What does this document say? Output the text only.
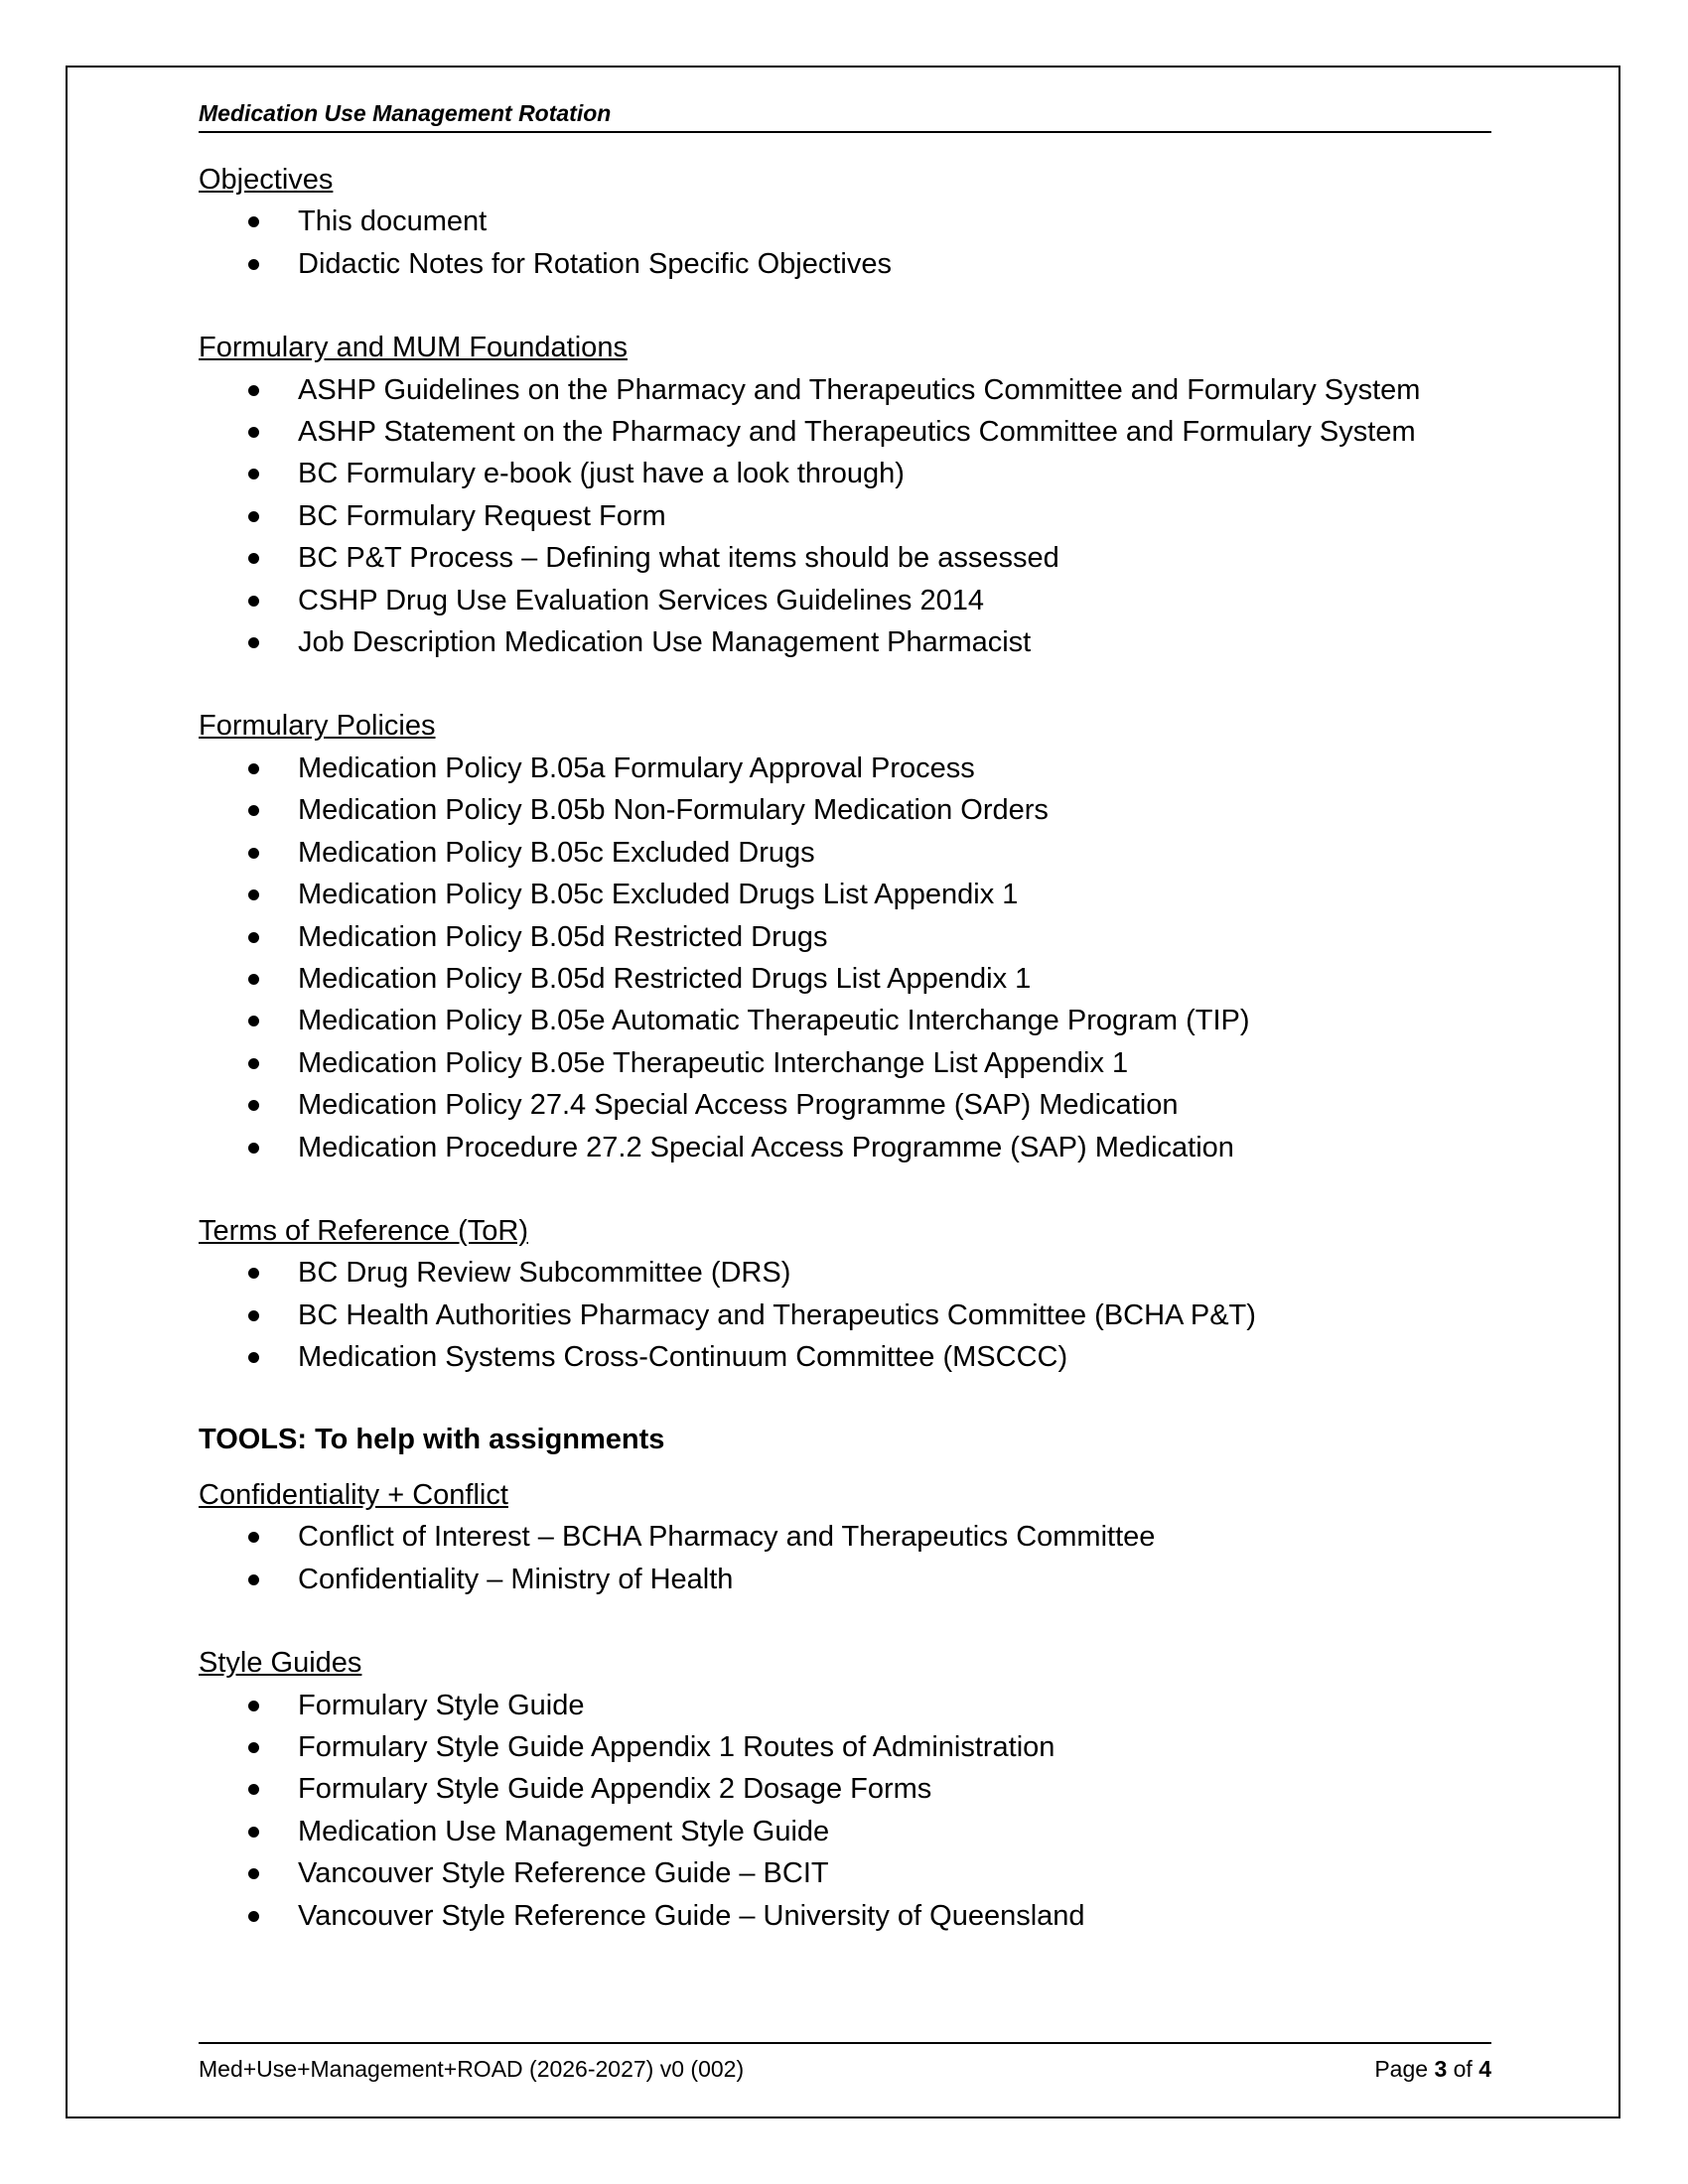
Medication Use Management Rotation
Objectives
This document
Didactic Notes for Rotation Specific Objectives
Formulary and MUM Foundations
ASHP Guidelines on the Pharmacy and Therapeutics Committee and Formulary System
ASHP Statement on the Pharmacy and Therapeutics Committee and Formulary System
BC Formulary e-book (just have a look through)
BC Formulary Request Form
BC P&T Process – Defining what items should be assessed
CSHP Drug Use Evaluation Services Guidelines 2014
Job Description Medication Use Management Pharmacist
Formulary Policies
Medication Policy B.05a Formulary Approval Process
Medication Policy B.05b Non-Formulary Medication Orders
Medication Policy B.05c Excluded Drugs
Medication Policy B.05c Excluded Drugs List Appendix 1
Medication Policy B.05d Restricted Drugs
Medication Policy B.05d Restricted Drugs List Appendix 1
Medication Policy B.05e Automatic Therapeutic Interchange Program (TIP)
Medication Policy B.05e Therapeutic Interchange List Appendix 1
Medication Policy 27.4 Special Access Programme (SAP) Medication
Medication Procedure 27.2 Special Access Programme (SAP) Medication
Terms of Reference (ToR)
BC Drug Review Subcommittee (DRS)
BC Health Authorities Pharmacy and Therapeutics Committee (BCHA P&T)
Medication Systems Cross-Continuum Committee (MSCCC)
TOOLS: To help with assignments
Confidentiality + Conflict
Conflict of Interest – BCHA Pharmacy and Therapeutics Committee
Confidentiality – Ministry of Health
Style Guides
Formulary Style Guide
Formulary Style Guide Appendix 1 Routes of Administration
Formulary Style Guide Appendix 2 Dosage Forms
Medication Use Management Style Guide
Vancouver Style Reference Guide – BCIT
Vancouver Style Reference Guide – University of Queensland
Med+Use+Management+ROAD (2026-2027) v0 (002)	Page 3 of 4
